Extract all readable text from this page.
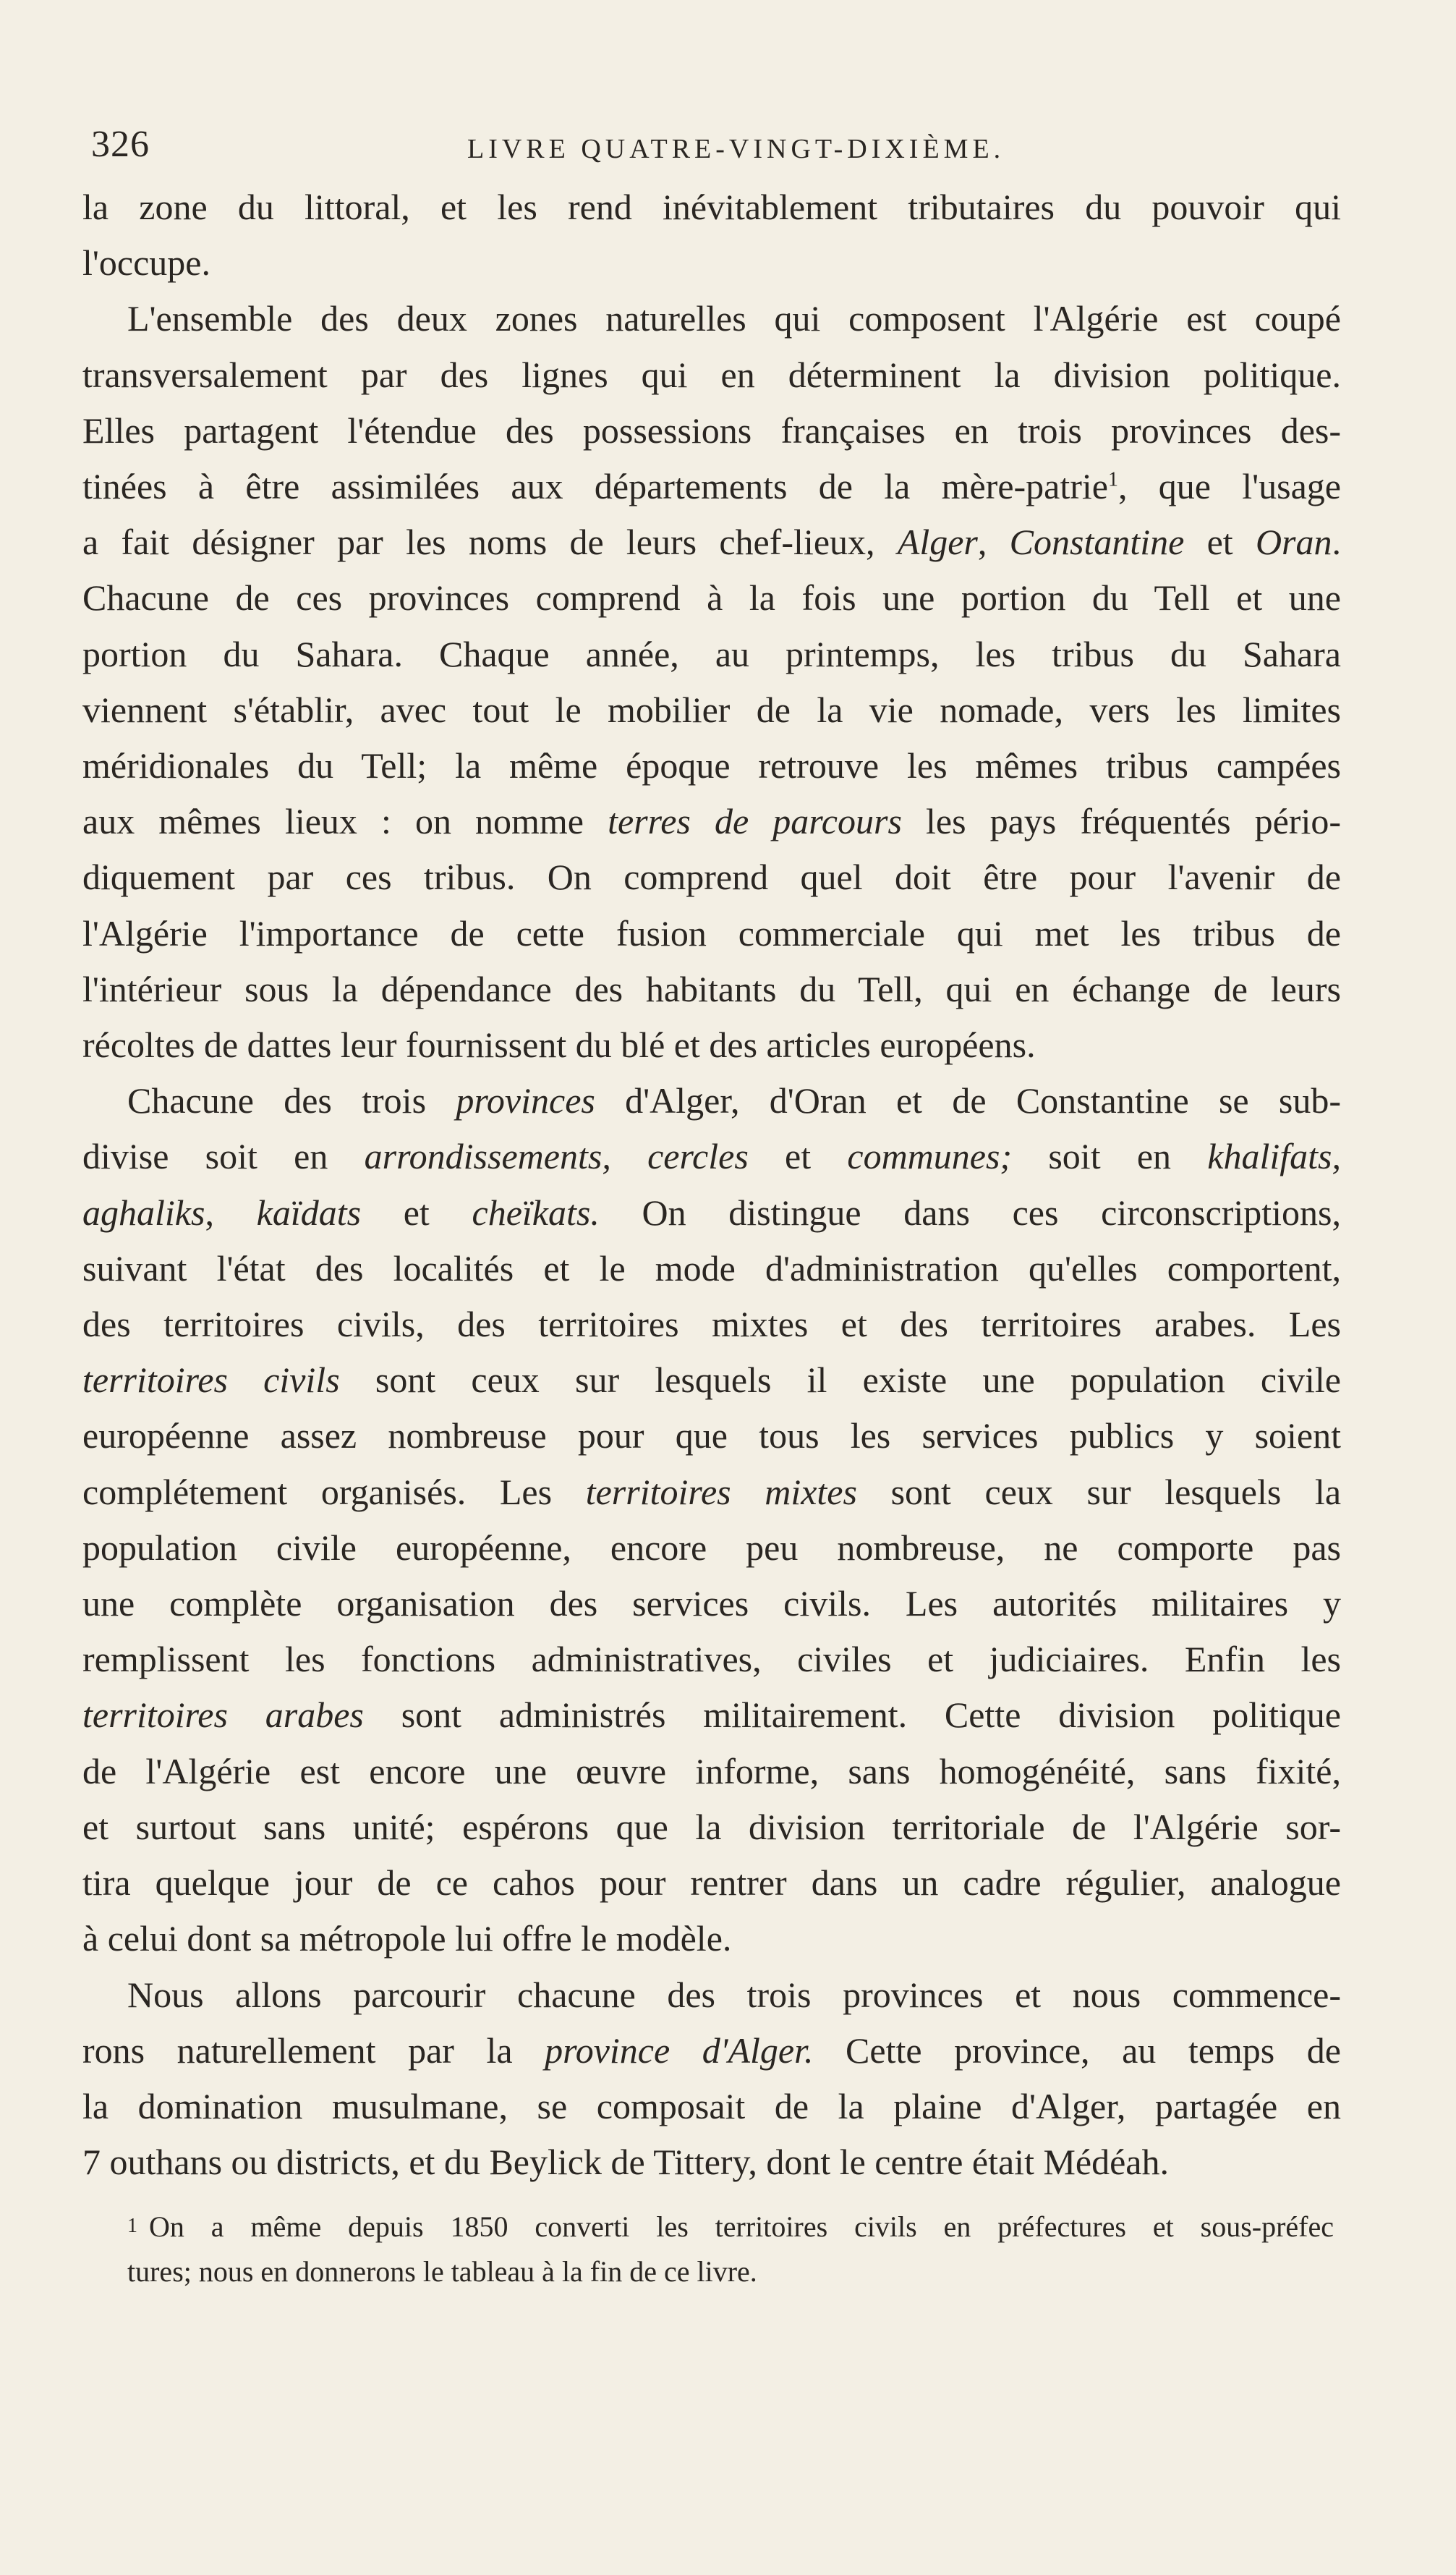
326	LIVRE QUATRE-VINGT-DIXIÈME.

la zone du littoral, et les rend inévitablement tributaires du pouvoir qui
l'occupe.

L'ensemble des deux zones naturelles qui composent l'Algérie est coupé
transversalement par des lignes qui en déterminent la division politique.
Elles partagent l'étendue des possessions françaises en trois provinces des-
tinées à être assimilées aux départements de la mère-patrie$^1$, que l'usage
a fait désigner par les noms de leurs chef-lieux, Alger, Constantine et Oran.
Chacune de ces provinces comprend à la fois une portion du Tell et une
portion du Sahara. Chaque année, au printemps, les tribus du Sahara
viennent s'établir, avec tout le mobilier de la vie nomade, vers les limites
méridionales du Tell; la même époque retrouve les mêmes tribus campées
aux mêmes lieux : on nomme terres de parcours les pays fréquentés pério-
diquement par ces tribus. On comprend quel doit être pour l'avenir de
l'Algérie l'importance de cette fusion commerciale qui met les tribus de
l'intérieur sous la dépendance des habitants du Tell, qui en échange de leurs
récoltes de dattes leur fournissent du blé et des articles européens.

Chacune des trois provinces d'Alger, d'Oran et de Constantine se sub-
divise soit en arrondissements, cercles et communes; soit en khalifats,
aghaliks, kaïdats et cheïkats. On distingue dans ces circonscriptions,
suivant l'état des localités et le mode d'administration qu'elles comportent,
des territoires civils, des territoires mixtes et des territoires arabes. Les
territoires civils sont ceux sur lesquels il existe une population civile
européenne assez nombreuse pour que tous les services publics y soient
complétement organisés. Les territoires mixtes sont ceux sur lesquels la
population civile européenne, encore peu nombreuse, ne comporte pas
une complète organisation des services civils. Les autorités militaires y
remplissent les fonctions administratives, civiles et judiciaires. Enfin les
territoires arabes sont administrés militairement. Cette division politique
de l'Algérie est encore une œuvre informe, sans homogénéité, sans fixité,
et surtout sans unité; espérons que la division territoriale de l'Algérie sor-
tira quelque jour de ce cahos pour rentrer dans un cadre régulier, analogue
à celui dont sa métropole lui offre le modèle.

Nous allons parcourir chacune des trois provinces et nous commence-
rons naturellement par la province d'Alger. Cette province, au temps de
la domination musulmane, se composait de la plaine d'Alger, partagée en
7 outhans ou districts, et du Beylick de Tittery, dont le centre était Médéah.

1 On a même depuis 1850 converti les territoires civils en préfectures et sous-préfec
tures; nous en donnerons le tableau à la fin de ce livre.
